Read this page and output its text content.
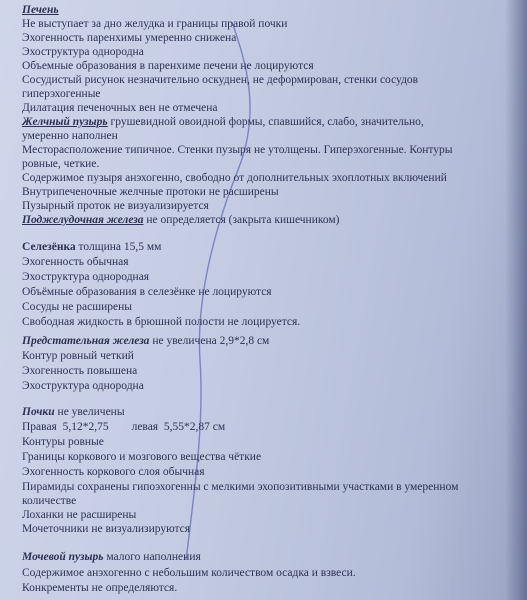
Печень
Не выступает за дно желудка и границы правой почки
Эхогенность паренхимы умеренно снижена
Эхоструктура однородна
Объемные образования в паренхиме печени не лоцируются
Сосудистый рисунок незначительно оскуднен, не деформирован, стенки сосудов
гиперэхогенные
Дилатация печеночных вен не отмечена
Желчный пузырь грушевидной овоидной формы, спавшийся, слабо, значительно,
умеренно наполнен
Месторасположение типичное. Стенки пузыря не утолщены. Гиперэхогенные. Контуры
ровные, четкие.
Содержимое пузыря анэхогенно, свободно от дополнительных эхоплотных включений
Внутрипеченочные желчные протоки не расширены
Пузырный проток не визуализируется
Поджелудочная железа не определяется (закрыта кишечником)
Селезёнка толщина 15,5 мм
Эхогенность обычная
Эхоструктура однородная
Объёмные образования в селезёнке не лоцируются
Сосуды не расширены
Свободная жидкость в брюшной полости не лоцируется.
Предстательная железа не увеличена 2,9*2,8 см
Контур ровный четкий
Эхогенность повышена
Эхоструктура однородна
Почки не увеличены
Правая  5,12*2,75        левая  5,55*2,87 см
Контуры ровные
Границы коркового и мозгового вещества чёткие
Эхогенность коркового слоя обычная
Пирамиды сохранены гипоэхогенны с мелкими эхопозитивными участками в умеренном
количестве
Лоханки не расширены
Мочеточники не визуализируются
Мочевой пузырь малого наполнения
Содержимое анэхогенно с небольшим количеством осадка и взвеси.
Конкременты не определяются.
